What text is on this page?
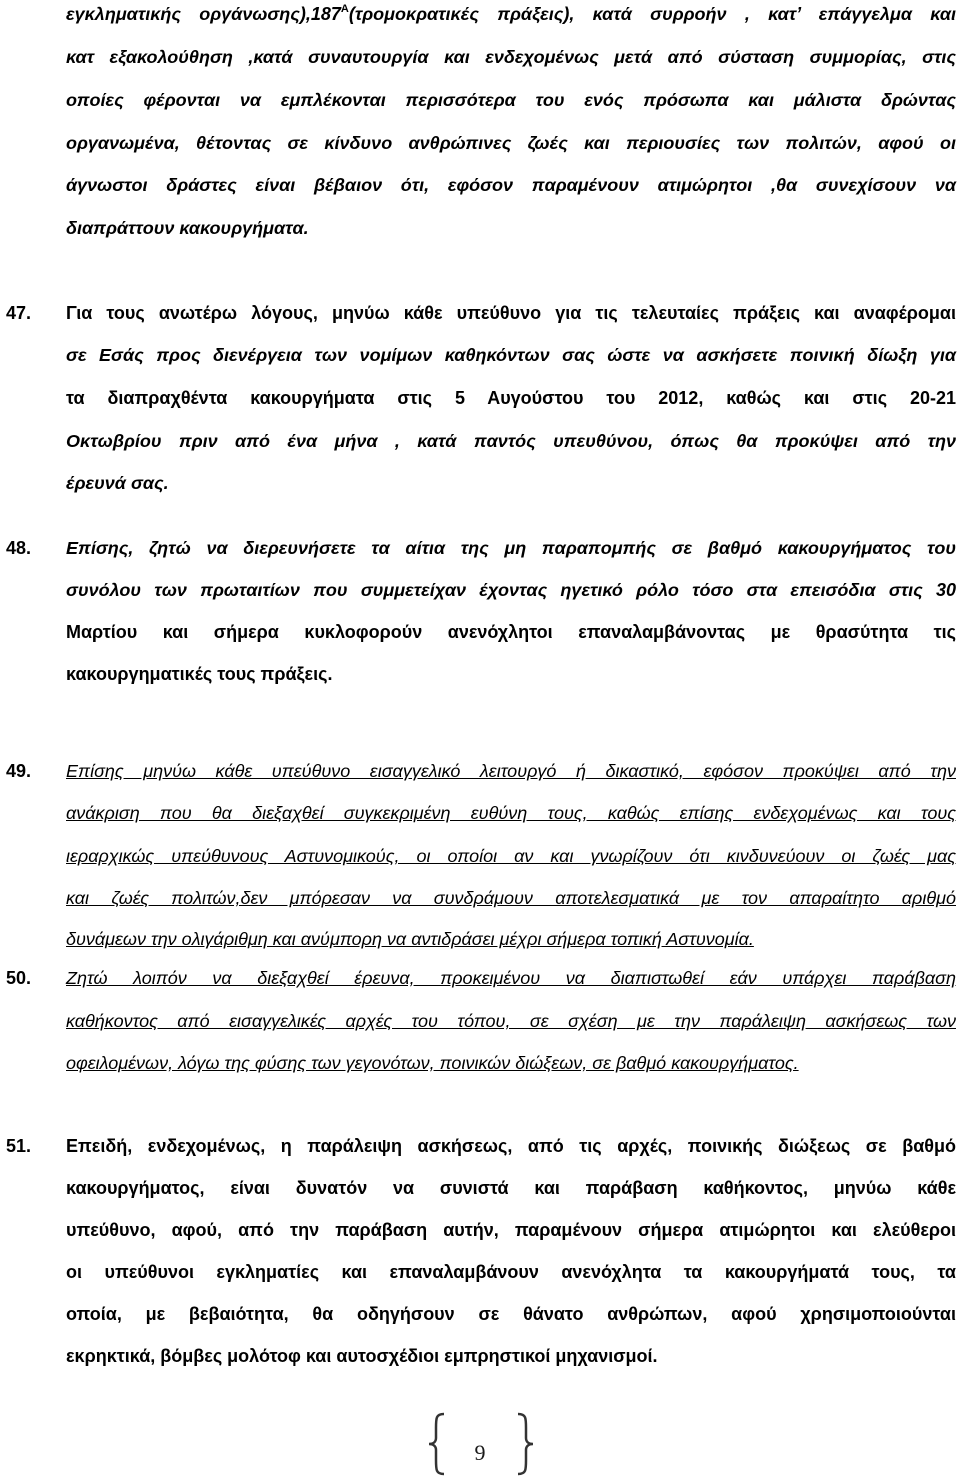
εγκληματικής $o\rho\gamma ά\nu\omega\sigma\eta\varsigma),187^A(\tau\rho o\mu o\kappa\rho\alpha\tau\iota\kappa έ\varsigma$ πράξεις), κατά συρροήν , κατ’ επάγγελμα και
κατ εξακολούθηση ,κατά συναυτουργία και ενδεχομένως μετά από σύσταση συμμορίας, στις
οποίες φέρονται να εμπλέκονται περισσότερα του ενός πρόσωπα και μάλιστα δρώντας
οργανωμένα, θέτοντας σε κίνδυνο ανθρώπινες ζωές και περιουσίες των πολιτών, αφού οι
άγνωστοι δράστες είναι βέβαιον ότι, εφόσον παραμένουν ατιμώρητοι ,θα συνεχίσουν να
διαπράττουν κακουργήματα.
47.	Για τους ανωτέρω λόγους, μηνύω κάθε υπεύθυνο για τις τελευταίες πράξεις και αναφέρομαι
σε Εσάς προς διενέργεια των νομίμων καθηκόντων σας ώστε να ασκήσετε ποινική δίωξη για
τα διαπραχθέντα κακουργήματα στις 5 Αυγούστου του 2012, καθώς και στις 20-21
Οκτωβρίου πριν από ένα μήνα , κατά παντός υπευθύνου, όπως θα προκύψει από την
έρευνά σας.
48.	Επίσης, ζητώ να διερευνήσετε τα αίτια της μη παραπομπής σε βαθμό κακουργήματος του
συνόλου των πρωταιτίων που συμμετείχαν έχοντας ηγετικό ρόλο τόσο στα επεισόδια στις 30
Μαρτίου και σήμερα κυκλοφορούν ανενόχλητοι επαναλαμβάνοντας με θρασύτητα τις
κακουργηματικές τους πράξεις.
49.	Επίσης μηνύω κάθε υπεύθυνο εισαγγελικό λειτουργό ή δικαστικό, εφόσον προκύψει από την
ανάκριση που θα διεξαχθεί συγκεκριμένη ευθύνη τους, καθώς επίσης ενδεχομένως και τους
ιεραρχικώς υπεύθυνους Αστυνομικούς, οι οποίοι αν και γνωρίζουν ότι κινδυνεύουν οι ζωές μας
και ζωές πολιτών,δεν μπόρεσαν να συνδράμουν αποτελεσματικά με τον απαραίτητο αριθμό
δυνάμεων την ολιγάριθμη και ανύμπορη να αντιδράσει μέχρι σήμερα τοπική Αστυνομία.
50.	Ζητώ λοιπόν να διεξαχθεί έρευνα, προκειμένου να διαπιστωθεί εάν υπάρχει παράβαση
καθήκοντος από εισαγγελικές αρχές του τόπου, σε σχέση με την παράλειψη ασκήσεως των
οφειλομένων, λόγω της φύσης των γεγονότων, ποινικών διώξεων, σε βαθμό κακουργήματος.
51.	Επειδή, ενδεχομένως, η παράλειψη ασκήσεως, από τις αρχές, ποινικής διώξεως σε βαθμό
κακουργήματος, είναι δυνατόν να συνιστά και παράβαση καθήκοντος, μηνύω κάθε
υπεύθυνο, αφού, από την παράβαση αυτήν, παραμένουν σήμερα ατιμώρητοι και ελεύθεροι
οι υπεύθυνοι εγκληματίες και επαναλαμβάνουν ανενόχλητα τα κακουργήματά τους, τα
οποία, με βεβαιότητα, θα οδηγήσουν σε θάνατο ανθρώπων, αφού χρησιμοποιούνται
εκρηκτικά, βόμβες μολότοφ και αυτοσχέδιοι εμπρηστικοί μηχανισμοί.
9
